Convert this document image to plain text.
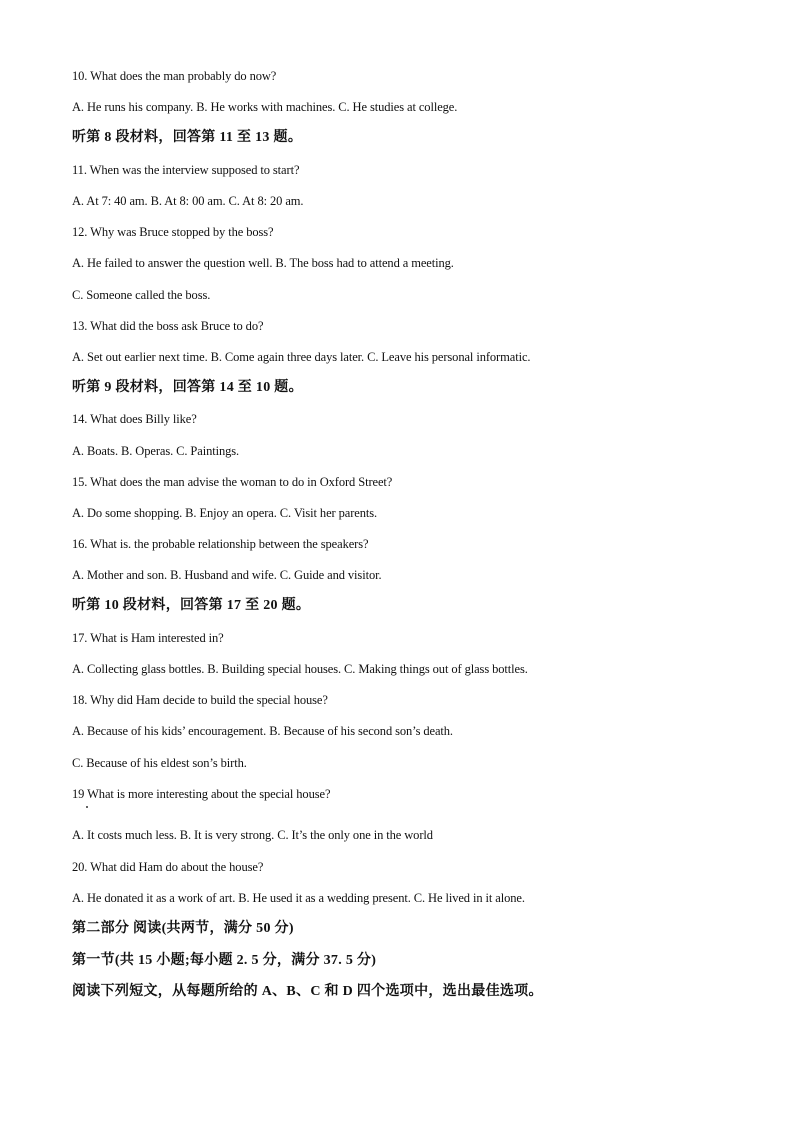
10. What does the man probably do now?
A. He runs his company. B. He works with machines. C. He studies at college.
听第 8 段材料，回答第 11 至 13 题。
11. When was the interview supposed to start?
A. At 7: 40 am. B. At 8: 00 am. C. At 8: 20 am.
12. Why was Bruce stopped by the boss?
A. He failed to answer the question well. B. The boss had to attend a meeting.
C. Someone called the boss.
13. What did the boss ask Bruce to do?
A. Set out earlier next time. B. Come again three days later. C. Leave his personal informatic.
听第 9 段材料，回答第 14 至 10 题。
14. What does Billy like?
A. Boats. B. Operas. C. Paintings.
15. What does the man advise the woman to do in Oxford Street?
A. Do some shopping. B. Enjoy an opera. C. Visit her parents.
16. What is. the probable relationship between the speakers?
A. Mother and son. B. Husband and wife. C. Guide and visitor.
听第 10 段材料，回答第 17 至 20 题。
17. What is Ham interested in?
A. Collecting glass bottles. B. Building special houses. C. Making things out of glass bottles.
18. Why did Ham decide to build the special house?
A. Because of his kids’ encouragement. B. Because of his second son’s death.
C. Because of his eldest son’s birth.
19 What is more interesting about the special house?
A. It costs much less. B. It is very strong. C. It’s the only one in the world
20. What did Ham do about the house?
A. He donated it as a work of art. B. He used it as a wedding present. C. He lived in it alone.
第二部分 阅读(共两节，满分 50 分)
第一节(共 15 小题;每小题 2. 5 分，满分 37. 5 分)
阅读下列短文，从每题所给的 A、B、C 和 D 四个选项中，选出最佳选项。
